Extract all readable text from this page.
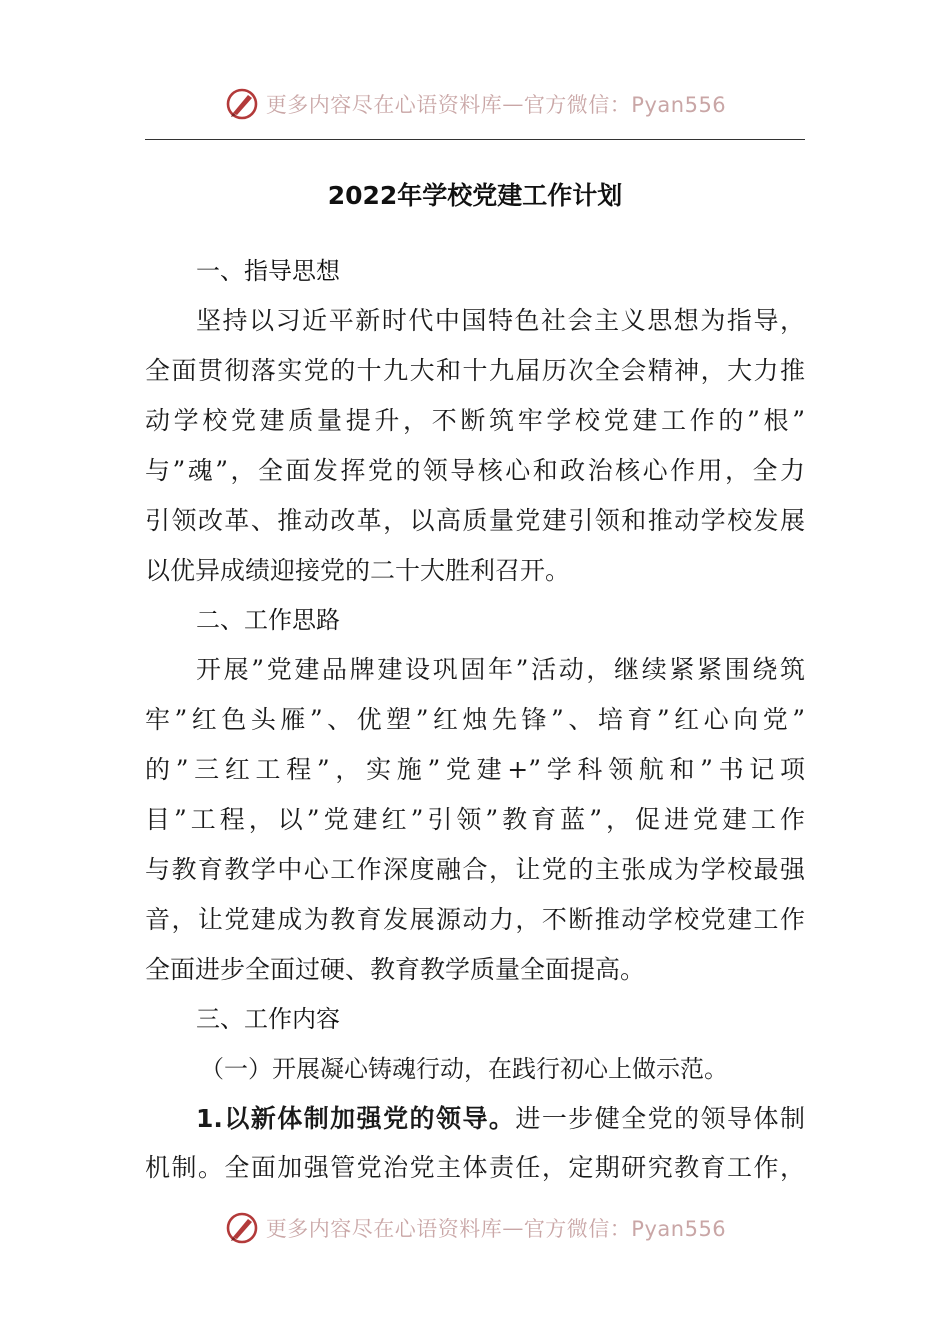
更多内容尽在心语资料库 — 官方微信：Pyan556
2022年学校党建工作计划
一、指导思想
坚持以习近平新时代中国特色社会主义思想为指导，
全面贯彻落实党的十九大和十九届历次全会精神，大力推
动学校党建质量提升，不断筑牢学校党建工作的”根”
与”魂”，全面发挥党的领导核心和政治核心作用，全力
引领改革、推动改革，以高质量党建引领和推动学校发展
以优异成绩迎接党的二十大胜利召开。
二、工作思路
开展”党建品牌建设巩固年”活动，继续紧紧围绕筑
牢”红色头雁”、优塑”红烛先锋”、培育”红心向党”
的”三红工程”，实施”党建+”学科领航和”书记项
目”工程，以”党建红”引领”教育蓝”，促进党建工作
与教育教学中心工作深度融合，让党的主张成为学校最强
音，让党建成为教育发展源动力，不断推动学校党建工作
全面进步全面过硬、教育教学质量全面提高。
三、工作内容
（一）开展凝心铸魂行动，在践行初心上做示范。
1.以新体制加强党的领导。进一步健全党的领导体制
机制。全面加强管党治党主体责任，定期研究教育工作，
更多内容尽在心语资料库 — 官方微信：Pyan556
